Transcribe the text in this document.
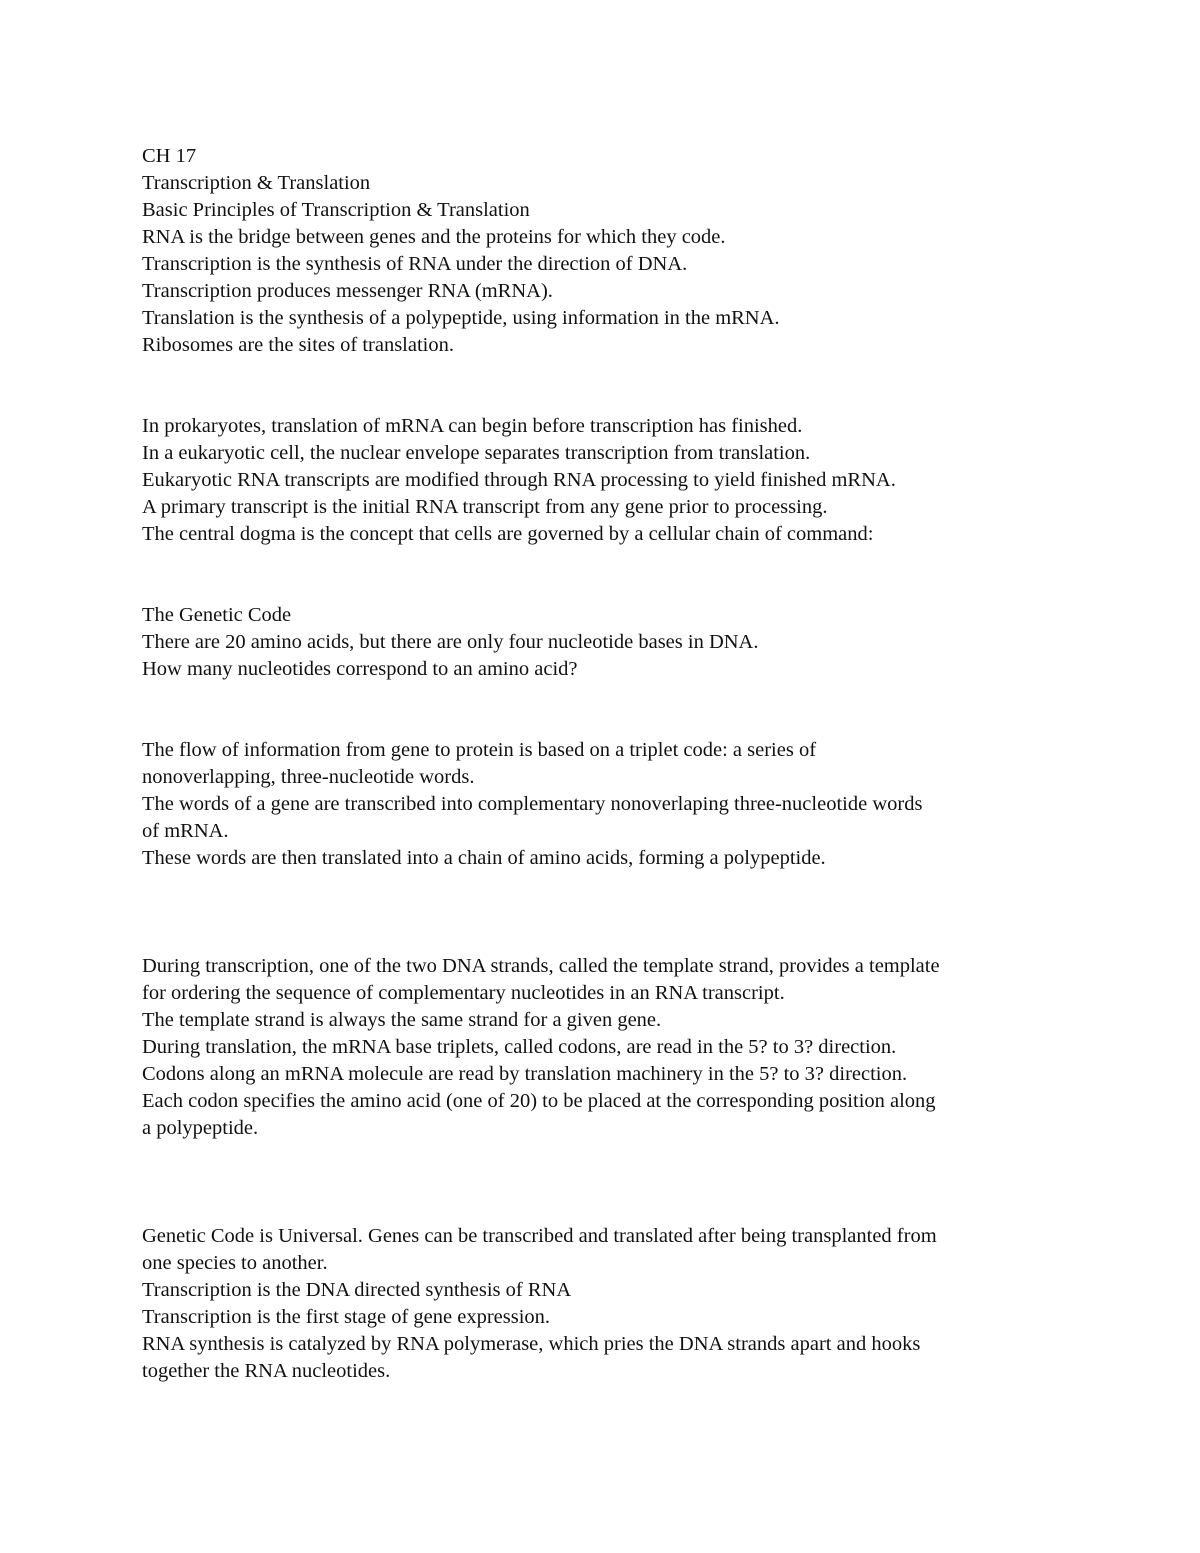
CH 17
Transcription & Translation
Basic Principles of Transcription & Translation
RNA is the bridge between genes and the proteins for which they code.
Transcription is the synthesis of RNA under the direction of DNA.
Transcription produces messenger RNA (mRNA).
Translation is the synthesis of a polypeptide, using information in the mRNA.
Ribosomes are the sites of translation.
In prokaryotes, translation of mRNA can begin before transcription has finished.
In a eukaryotic cell, the nuclear envelope separates transcription from translation.
Eukaryotic RNA transcripts are modified through RNA processing to yield finished mRNA.
A primary transcript is the initial RNA transcript from any gene prior to processing.
The central dogma is the concept that cells are governed by a cellular chain of command:
The Genetic Code
There are 20 amino acids, but there are only four nucleotide bases in DNA.
How many nucleotides correspond to an amino acid?
The flow of information from gene to protein is based on a triplet code: a series of
nonoverlapping, three-nucleotide words.
The words of a gene are transcribed into complementary nonoverlaping three-nucleotide words
of mRNA.
These words are then translated into a chain of amino acids, forming a polypeptide.
During transcription, one of the two DNA strands, called the template strand, provides a template
for ordering the sequence of complementary nucleotides in an RNA transcript.
The template strand is always the same strand for a given gene.
During translation, the mRNA base triplets, called codons, are read in the 5? to 3? direction.
Codons along an mRNA molecule are read by translation machinery in the 5? to 3? direction.
Each codon specifies the amino acid (one of 20) to be placed at the corresponding position along
a polypeptide.
Genetic Code is Universal. Genes can be transcribed and translated after being transplanted from
one species to another.
Transcription is the DNA directed synthesis of RNA
Transcription is the first stage of gene expression.
RNA synthesis is catalyzed by RNA polymerase, which pries the DNA strands apart and hooks
together the RNA nucleotides.
